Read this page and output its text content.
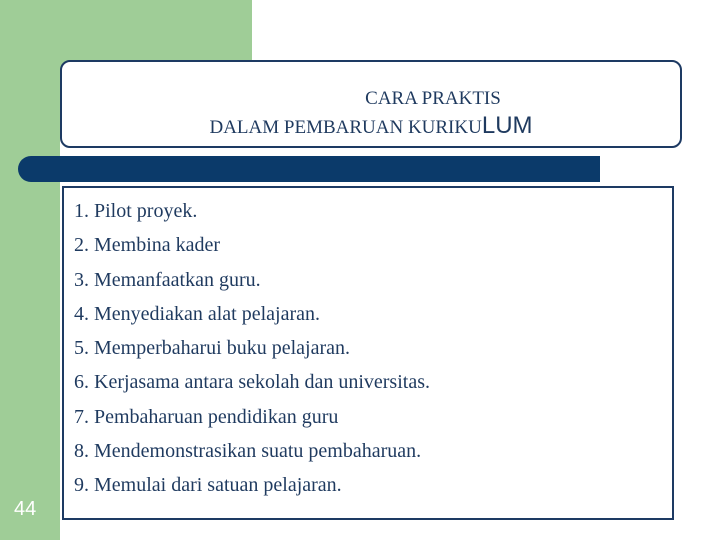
CARA PRAKTIS
DALAM PEMBARUAN KURIKULUM
1. Pilot proyek.
2. Membina kader
3. Memanfaatkan guru.
4. Menyediakan alat pelajaran.
5. Memperbaharui buku pelajaran.
6. Kerjasama antara sekolah dan universitas.
7. Pembaharuan pendidikan guru
8. Mendemonstrasikan suatu pembaharuan.
9. Memulai dari satuan pelajaran.
44
